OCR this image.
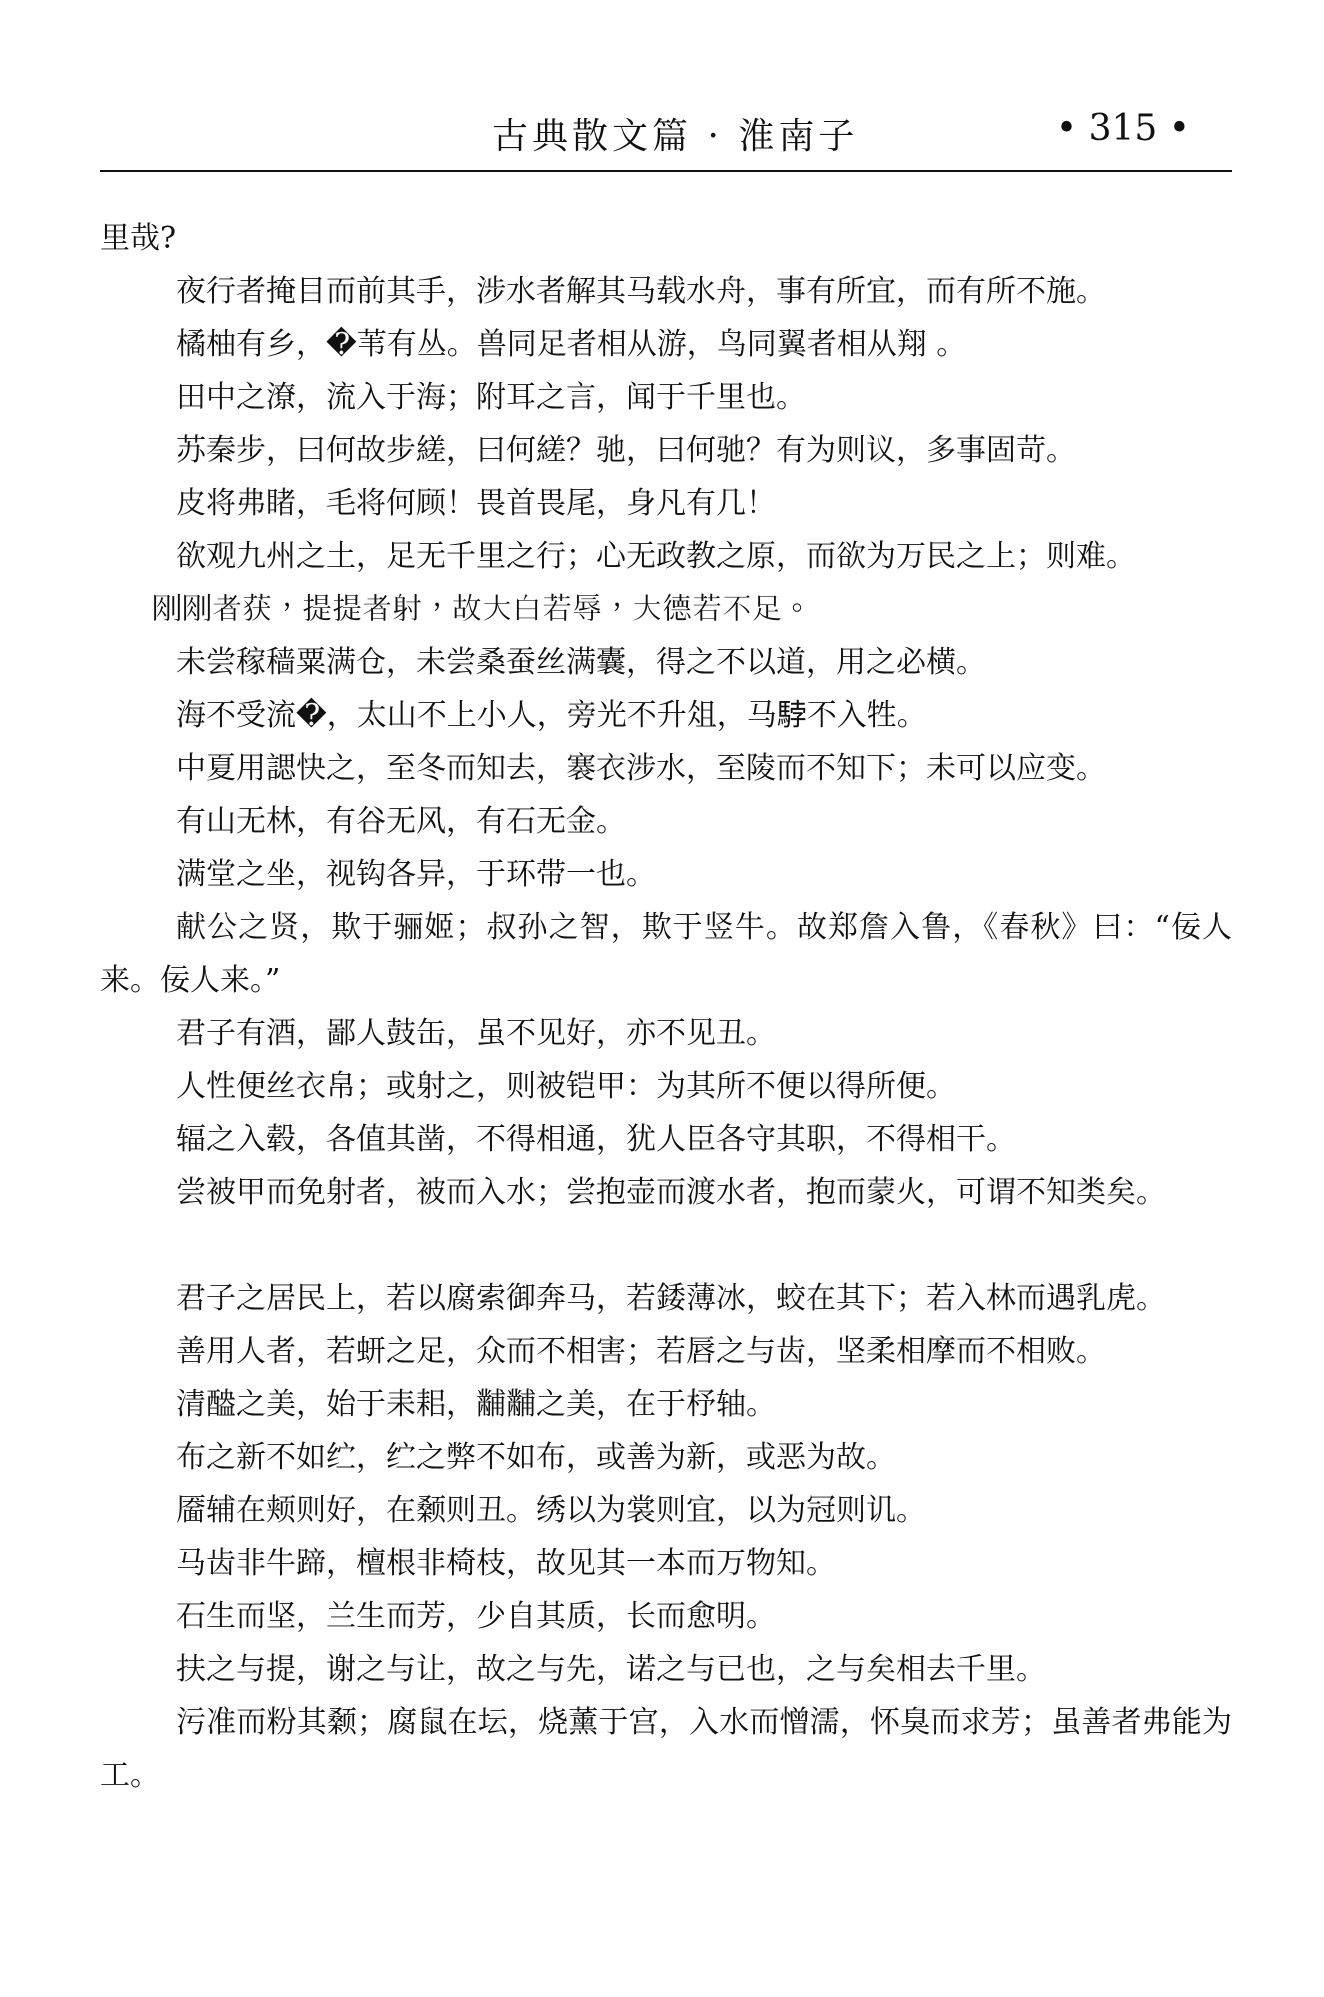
古典散文篇 · 淮南子	• 315 •

里哉?

夜行者掩目而前其手，涉水者解其马载水舟，事有所宜，而有所不施。

橘柚有乡，�苇有丛。兽同足者相从游，鸟同翼者相从翔 。

田中之潦，流入于海；附耳之言，闻于千里也。

苏秦步，曰何故步縒，曰何縒？驰，曰何驰？有为则议，多事固苛。

皮将弗睹，毛将何顾！畏首畏尾，身凡有几！

欲观九州之土，足无千里之行；心无政教之原，而欲为万民之上；则难。

𠛧𠛧者获，提提者射，故大白若辱，大德若不足。

未尝稼穑粟满仓，未尝桑蚕丝满囊，得之不以道，用之必横。

海不受流�，太山不上小人，旁光不升俎，马𩣡不入牲。

中夏用諰快之，至冬而知去，褰衣涉水，至陵而不知下；未可以应变。

有山无林，有谷无风，有石无金。

满堂之坐，视钩各异，于环带一也。

献公之贤，欺于骊姬；叔孙之智，欺于竖牛。故郑詹入鲁，《春秋》曰：“佞人来。佞人来。”

君子有酒，鄙人鼓缶，虽不见好，亦不见丑。

人性便丝衣帛；或射之，则被铠甲：为其所不便以得所便。

辐之入毂，各值其凿，不得相通，犹人臣各守其职，不得相干。

尝被甲而免射者，被而入水；尝抱壶而渡水者，抱而蒙火，可谓不知类矣。

君子之居民上，若以腐索御奔马，若錗薄冰，蛟在其下；若入林而遇乳虎。

善用人者，若蚈之足，众而不相害；若唇之与齿，坚柔相摩而不相败。

清醠之美，始于耒耜，黼黼之美，在于杼轴。

布之新不如纻，纻之弊不如布，或善为新，或恶为故。

靥辅在颊则好，在颡则丑。绣以为裳则宜，以为冠则讥。

马齿非牛蹄，檀根非椅枝，故见其一本而万物知。

石生而坚，兰生而芳，少自其质，长而愈明。

扶之与提，谢之与让，故之与先，诺之与已也，之与矣相去千里。

污准而粉其颡；腐鼠在坛，烧薰于宫，入水而憎濡，怀臭而求芳；虽善者弗能为工。
